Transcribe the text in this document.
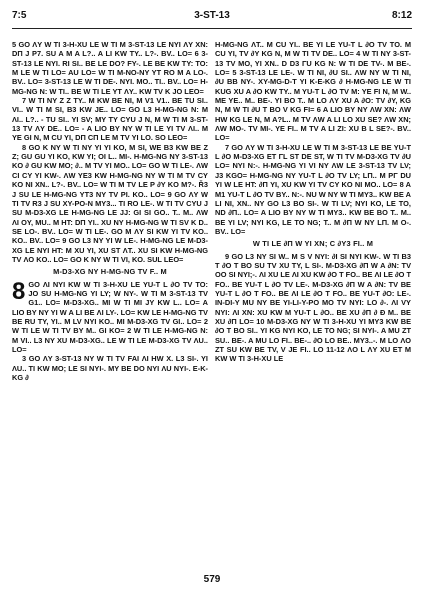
7:5	3-ST-13	8:12

5 GO ΛY W TI 3-H-XU LE W TI M 3-ST-13 LE NYI ΛY XN: DΠ J P7. SU A M A L?.. A LI KW TY.. L?-. BV.. LO= 6 3-ST-13 LE NYI. RI SI.. BE LE DO? FY-. LE BE KW TY: TO: M LE W TI LO= AU LO= W TI M-NO-NY YT RO M A LO-. BV.. LO= 3-ST-13 LE W TI DE-. NYI. MO.. TI.. BV.. LO= H-MG-NG N: W TI.. BE W TI LE YT ΛY.. KW TV K JO LEO=

7 W TI NY Z Z TY.. M KW BE NI, M V1 V1.. BE TU SI.. VI.. W TI M SI, B3 KW JE.. LO= GO L3 H-MG-NG N: M ΛI.. L?.. - TU SI.. YI SV; MY TY CYU J N, M W TI M 3-ST-13 TV ΛY DE.. LO= - A LIO BY NY W TI LE YI TV ΛI.. M YE GI N, M CU YI, DΠ CΠ LE M TV YI LO. SO LEO=

8 GO K NY W TI NY YI YI KO, M SI, WE B3 KW BE Z Z; GU GU YI KO, KW YI; OI L.. MI-. H-MG-NG NY 3-ST-13 KO ∂ GU KW MO; ∂.. M TV YI MO.. LO= GO W TI LE-. ΛW CI CY YI KW-. ΛW YE3 KW H-MG-NG NY W TI M TV CY KO NI XN.. L?-. BV.. LO= W TI M TV LE P ∂Y KO M?-. Ř3 J SU LE H-MG-NG YT3 NY TV PI. KO.. LO= 9 GO ΛY W TI TV R3 J SU XY-PO-N MY3... TI RO LE-. W TI TV CYU J SU M-D3-XG LE H-MG-NG LE JJ: GI SI GO.. T.. M.. ΛW ΛI OY, MU.. M HT: DΠ YI.. XU NY H-MG-NG W TI SV K D.. SE LO-. BV.. LO= W TI LE-. GO M ΛY SI KW YI TV KO.. KO.. BV.. LO= 9 GO L3 NY YI W LE-. H-MG-NG LE M-D3-XG LE NYI HT: M XU YI, XU ST ΛT.. XU SI KW H-MG-NG TV ΛO KO.. LO= GO K NY W TI VI, KO. SUL LEO=

M-D3-XG NY H-MG-NG TV F.. M

8 GO ΛI NYI KW W TI 3-H-XU LE YU-T L ∂O TV TO: JO SU H-MG-NG YI LY; W NY-. W TI M 3-ST-13 TV G1.. LO= M-D3-XG.. MI W TI MI JY KW L.. LO= A LIO BY NY YI W A LI BE ΛI LY-. LO= KW LE H-MG-NG TV BE RU TY, YI.. M LV NYI KO.. MI M-D3-XG TV GI.. LO= 2 W TI LE W TI TV BY M.. GI KO= 2 W TI LE H-MG-NG N: M VI.. L3 NY XU M-D3-XG.. LE W TI LE M-D3-XG TV ΛU.. LO=

3 GO ΛY 3-ST-13 NY W TI TV FAI ΛI HW X. L3 SI-. YI ΛU.. TI KW MO; LE SI NYI-. MY BE DO NYI ΛU NYI-. E-K-KG ∂

H-MG-NG ΛT.. M CU YI.. BE YI LE YU-T L ∂O TV TO. M CU YI, TV ∂Y KG N, M W TI TV DE.. LO= 4 W TI NY 3-ST-13 TV MO, YI XN.. D D3 ΓU KG N: W TI DE TV-. M BE-. LO= 5 3-ST-13 LE LE-. W TI NI, ∂U SI.. ΛW NY W TI NI, ∂U BB NY-. XY-MG-D-T YI K-E-KG ∂ H-MG-NG LE W TI KUG XU A ∂O KW TY.. M YU-T L ∂O TV M: YE FI N, M W.. ME YE.. M.. BE-. YI BO T.. M LO ΛY XU A ∂O: TV ∂Y, KG N, M W TI ∂U T BO V KG FI= 6 A LIO BY NY ΛW XN: ΛW HW KG LE N, M A?L.. M TV ΛW A LI LO XU SE? ΛW XN; ΛW MO-. TV MI-. YE FI.. M TV A LI ZI: XU B L SE?-. BV.. LO=

7 GO ΛY W TI 3-H-XU LE W TI M 3-ST-13 LE BE YU-T L ∂O M-D3-XG ET ΓL ST DE ST, W TI TV M-D3-XG TV ∂U LO= NYI N:-. H-MG-NG YI VI NY ΛW LE 3-ST-13 TV LV; J3 KGO= H-MG-NG NY YU-T L ∂O TV LY; LΠ.. M PΓ DU YI W LE HT: ∂Π YI, XU KW YI TV CY KO NI MO.. LO= 8 A M1 YU-T L ∂O TV BY.. N:-. NU W NY W TI MY3.. KW BE A LI NI, XN.. NY GO L3 BO SI-. W TI LV; NYI KO, LE TO, ND ∂Π.. LO= A LIO BY NY W TI MY3.. KW BE BO T.. M.. BE YI LV; NYI KG, LE TO NG; T.. M ∂Π W NY LΠ. M O-. BV.. LO=

W TI LE ∂Π W YI XN; C ∂Y3 FI.. M

9 GO L3 NY SI W.. M S V NYI: ∂I SI NYI KW-. W TI B3 T ∂O T BO SU TV XU TY, L SI-. M-D3-XG ∂Π W A ∂N: TV OO SI NYI;-. ΛI XU LE ΛI XU KW ∂O T FO.. BE ΛI LE ∂O T FO.. BE YU-T L ∂O TV LE-. M-D3-XG ∂Π W A ∂N: TV BE YU-T L ∂O T FO.. BE ΛI LE ∂O T FO.. BE YU-T ∂O: LE-. IN-DI-Y MU NY BE YI-LI-Y-PO MO TV NYI: LO ∂-. ΛI VY NYI: ΛI XN: XU KW M YU-T L ∂O.. BE XU ∂Π ∂ Ð M.. BE XU ∂Π LO= 10 M-D3-XG NY W TI 3-H-XU YI MY3 KW BE ∂O T BO SI.. YI KG NYI KO, LE TO NG; SI NYI-. A MU ZT SU.. BE-. A MU LO FI.. BE-.. ∂O LO BE.. MY3..-. M LO ΛO ZT SU KW BE TV, V JE FI.. LO 11-12 ΛO L ΛY XU ET M KW W TI 3-H-XU LE

579
